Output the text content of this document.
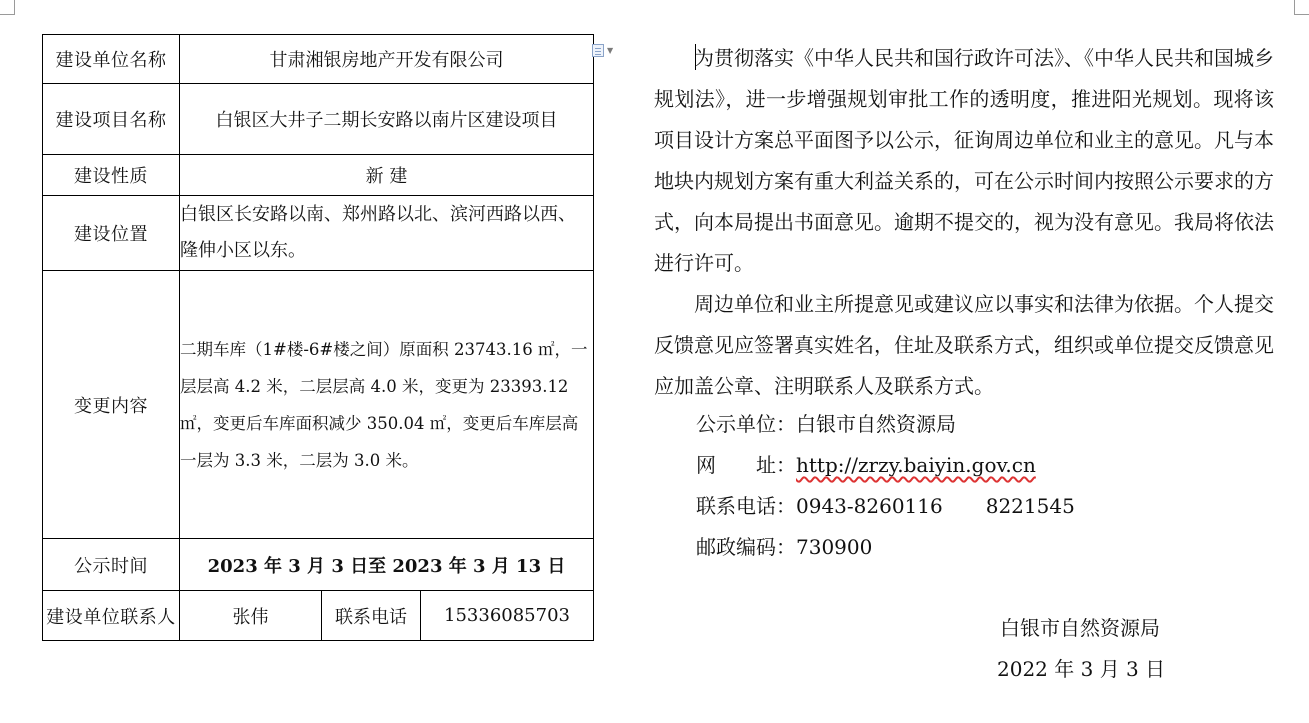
建设单位名称	甘肃湘银房地产开发有限公司		
建设项目名称	白银区大井子二期长安路以南片区建设项目		
建设性质	新 建		
建设位置	白银区长安路以南、郑州路以北、滨河西路以西、隆伸小区以东。		
变更内容	二期车库（1#楼-6#楼之间）原面积 23743.16 ㎡，一层层高 4.2 米，二层层高 4.0 米，变更为 23393.12 ㎡，变更后车库面积减少 350.04 ㎡，变更后车库层高一层为 3.3 米，二层为 3.0 米。		
公示时间	2023 年 3 月 3 日至 2023 年 3 月 13 日		
建设单位联系人	张伟	联系电话	15336085703
▼	为贯彻落实《中华人民共和国行政许可法》、《中华人民共和国城乡规划法》，进一步增强规划审批工作的透明度，推进阳光规划。现将该项目设计方案总平面图予以公示，征询周边单位和业主的意见。凡与本地块内规划方案有重大利益关系的，可在公示时间内按照公示要求的方式，向本局提出书面意见。逾期不提交的，视为没有意见。我局将依法进行许可。

周边单位和业主所提意见或建议应以事实和法律为依据。个人提交反馈意见应签署真实姓名，住址及联系方式，组织或单位提交反馈意见应加盖公章、注明联系人及联系方式。

公示单位：白银市自然资源局

网　　址：http://zrzy.baiyin.gov.cn

联系电话：0943-8260116 8221545

邮政编码：730900

白银市自然资源局

2022 年 3 月 3 日
